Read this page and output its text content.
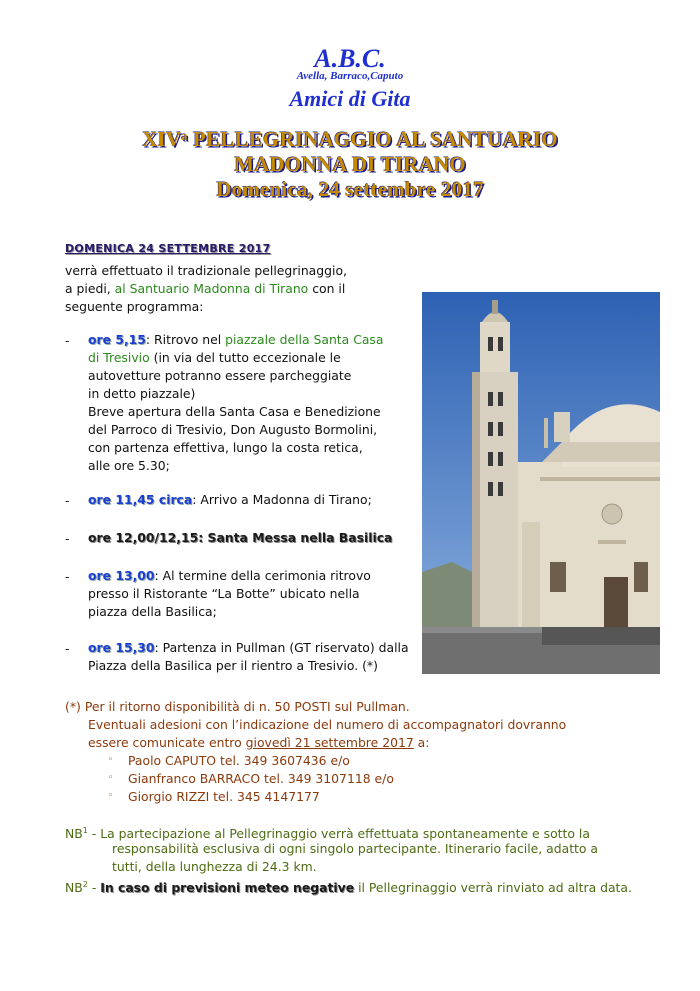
A.B.C.
Avella, Barraco,Caputo
Amici di Gita
XIVᵃ PELLEGRINAGGIO AL SANTUARIO
MADONNA DI TIRANO
Domenica, 24 settembre 2017
DOMENICA 24 SETTEMBRE 2017
verrà effettuato il tradizionale pellegrinaggio,
a piedi, al Santuario Madonna di Tirano con il
seguente programma:
- ore 5,15: Ritrovo nel piazzale della Santa Casa
di Tresivio (in via del tutto eccezionale le
autovetture potranno essere parcheggiate
in detto piazzale)
Breve apertura della Santa Casa e Benedizione
del Parroco di Tresivio, Don Augusto Bormolini,
con partenza effettiva, lungo la costa retica,
alle ore 5.30;
- ore 11,45 circa: Arrivo a Madonna di Tirano;
- ore 12,00/12,15: Santa Messa nella Basilica
- ore 13,00: Al termine della cerimonia ritrovo
presso il Ristorante “La Botte” ubicato nella
piazza della Basilica;
- ore 15,30: Partenza in Pullman (GT riservato) dalla
Piazza della Basilica per il rientro a Tresivio. (*)
(*) Per il ritorno disponibilità di n. 50 POSTI sul Pullman.
Eventuali adesioni con l’indicazione del numero di accompagnatori dovranno
essere comunicate entro giovedì 21 settembre 2017 a:
◦ Paolo CAPUTO tel. 349 3607436 e/o
◦ Gianfranco BARRACO tel. 349 3107118 e/o
◦ Giorgio RIZZI tel. 345 4147177
$NB^1$ - La partecipazione al Pellegrinaggio verrà effettuata spontaneamente e sotto la
responsabilità esclusiva di ogni singolo partecipante. Itinerario facile, adatto a
tutti, della lunghezza di 24.3 km.
$NB^2$ - In caso di previsioni meteo negative il Pellegrinaggio verrà rinviato ad altra data.
